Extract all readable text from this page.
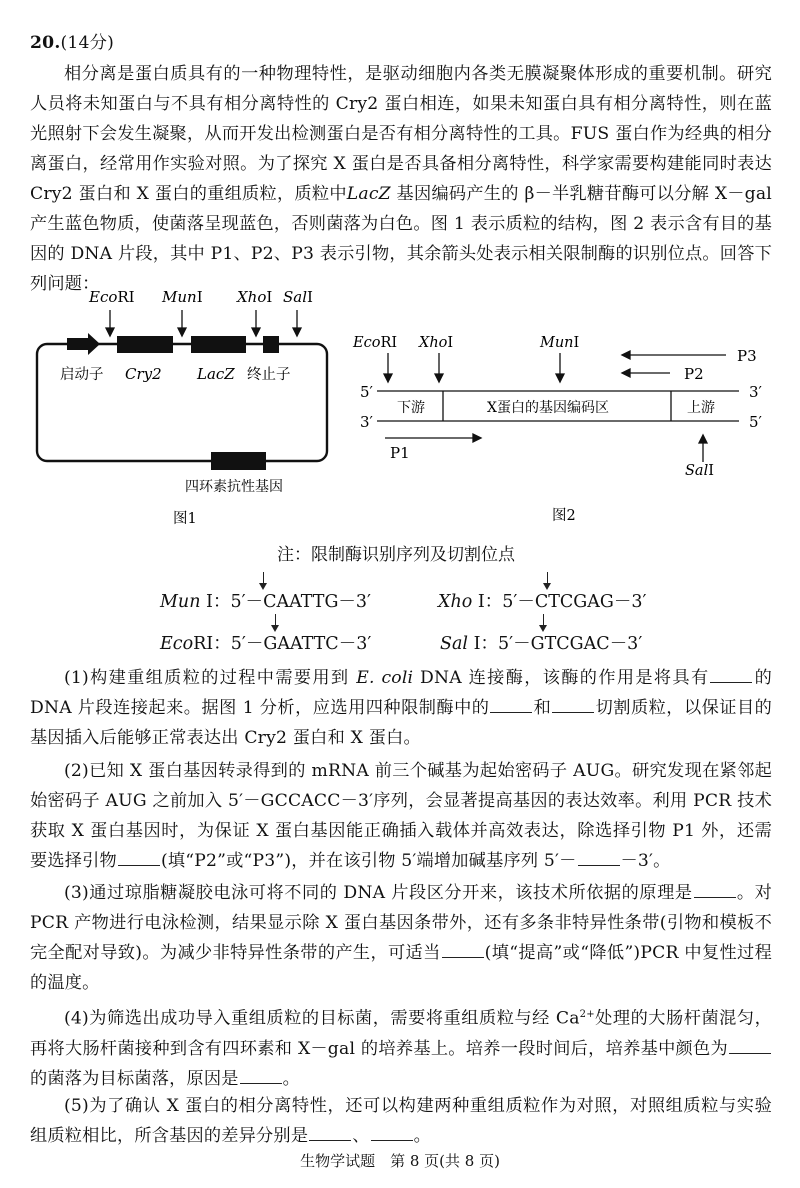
20.(14分)
相分离是蛋白质具有的一种物理特性，是驱动细胞内各类无膜凝聚体形成的重要机制。研究人员将未知蛋白与不具有相分离特性的 Cry2 蛋白相连，如果未知蛋白具有相分离特性，则在蓝光照射下会发生凝聚，从而开发出检测蛋白是否有相分离特性的工具。FUS 蛋白作为经典的相分离蛋白，经常用作实验对照。为了探究 X 蛋白是否具备相分离特性，科学家需要构建能同时表达 Cry2 蛋白和 X 蛋白的重组质粒，质粒中LacZ 基因编码产生的 β－半乳糖苷酶可以分解 X－gal 产生蓝色物质，使菌落呈现蓝色，否则菌落为白色。图 1 表示质粒的结构，图 2 表示含有目的基因的 DNA 片段，其中 P1、P2、P3 表示引物，其余箭头处表示相关限制酶的识别位点。回答下列问题：
EcoRⅠ MunⅠ XhoⅠ SalⅠ
启动子 Cry2 LacZ 终止子
四环素抗性基因
图1
EcoRⅠ XhoⅠ	MunⅠ
P3
P2
P1
SalⅠ
5′
3′
3′
5′
下游	X蛋白的基因编码区	上游
图2
注：限制酶识别序列及切割位点
Mun Ⅰ：5′－
CAATTG－3′	Xho Ⅰ：5′－
CTCGAG－3′
EcoRⅠ：5′－
GAATTC－3′	Sal Ⅰ：5′－
GTCGAC－3′
(1)构建重组质粒的过程中需要用到 E. coli DNA 连接酶，该酶的作用是将具有	的 DNA 片段连接起来。据图 1 分析，应选用四种限制酶中的	和	切割质粒，以保证目的基因插入后能够正常表达出 Cry2 蛋白和 X 蛋白。
(2)已知 X 蛋白基因转录得到的 mRNA 前三个碱基为起始密码子 AUG。研究发现在紧邻起始密码子 AUG 之前加入 5′－GCCACC－3′序列，会显著提高基因的表达效率。利用 PCR 技术获取 X 蛋白基因时，为保证 X 蛋白基因能正确插入载体并高效表达，除选择引物 P1 外，还需要选择引物	(填“P2”或“P3”)，并在该引物 5′端增加碱基序列 5′－	－3′。
(3)通过琼脂糖凝胶电泳可将不同的 DNA 片段区分开来，该技术所依据的原理是	。对 PCR 产物进行电泳检测，结果显示除 X 蛋白基因条带外，还有多条非特异性条带(引物和模板不完全配对导致)。为减少非特异性条带的产生，可适当	(填“提高”或“降低”)PCR 中复性过程的温度。
(4)为筛选出成功导入重组质粒的目标菌，需要将重组质粒与经 $Ca^{2+}$处理的大肠杆菌混匀，再将大肠杆菌接种到含有四环素和 X－gal 的培养基上。培养一段时间后，培养基中颜色为的菌落为目标菌落，原因是	。
(5)为了确认 X 蛋白的相分离特性，还可以构建两种重组质粒作为对照，对照组质粒与实验组质粒相比，所含基因的差异分别是	、	。
生物学试题　第 8 页(共 8 页)
